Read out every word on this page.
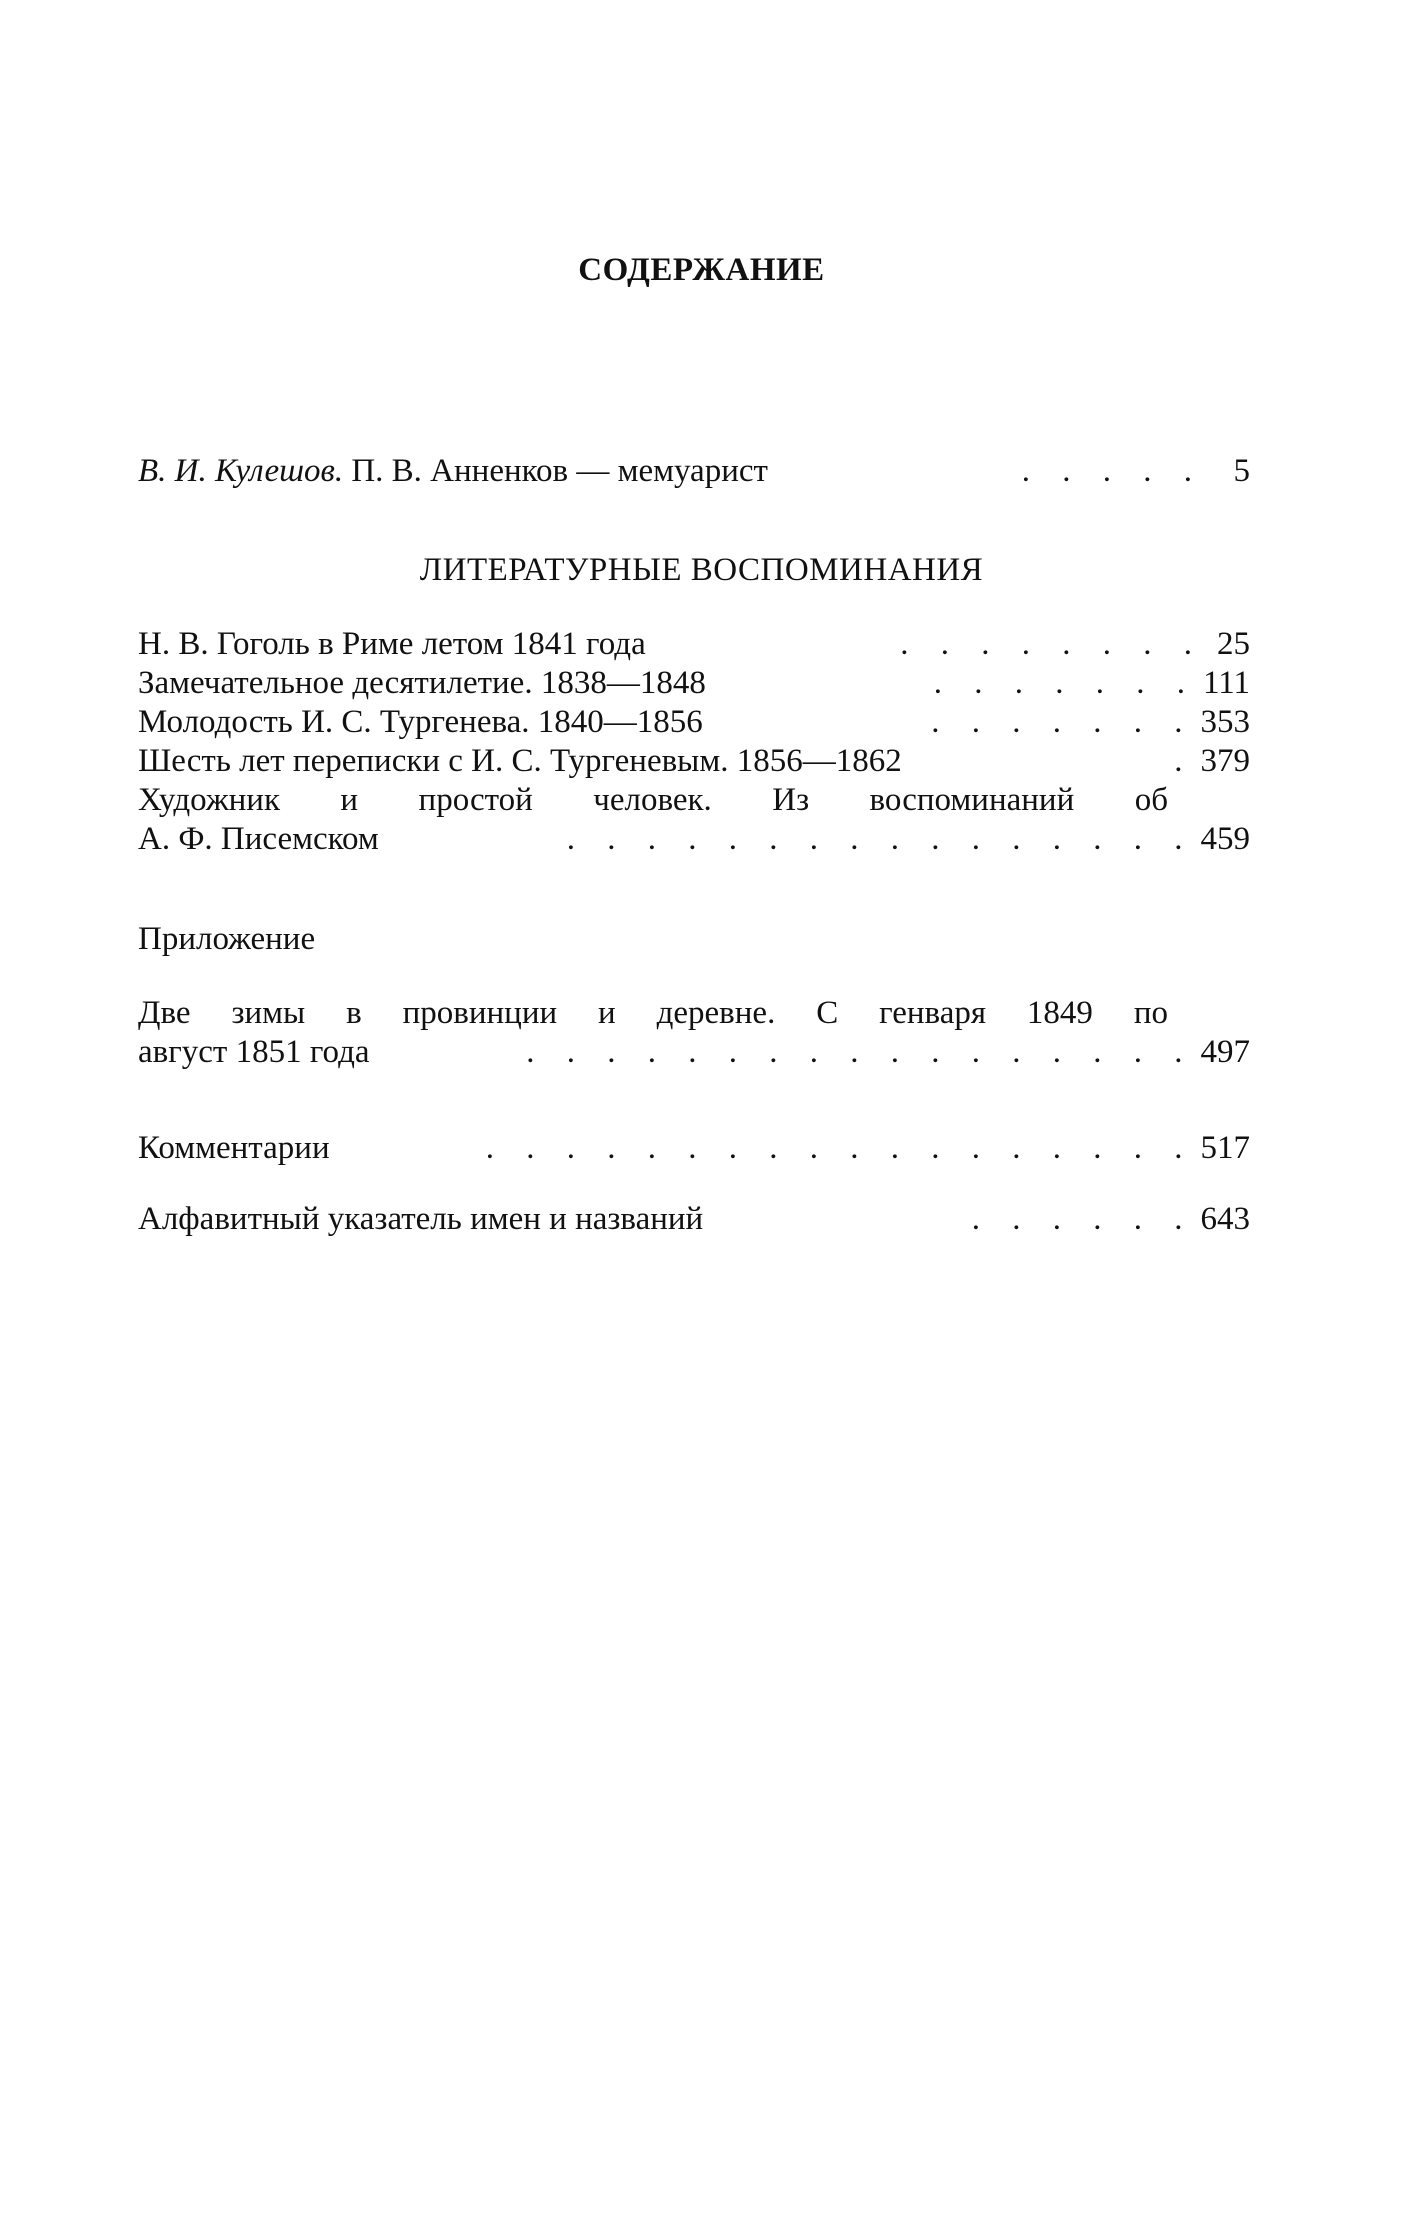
СОДЕРЖАНИЕ
В. И. Кулешов. П. В. Анненков — мемуарист	. . . . . 5
ЛИТЕРАТУРНЫЕ ВОСПОМИНАНИЯ
Н. В. Гоголь в Риме летом 1841 года	. . . . . . . . 25
Замечательное десятилетие. 1838—1848	. . . . . . . 111
Молодость И. С. Тургенева. 1840—1856	. . . . . . . 353
Шесть лет переписки с И. С. Тургеневым. 1856—1862	. 379
Художник и простой человек. Из воспоминаний об
А. Ф. Писемском	. . . . . . . . . . . . . . . . 459
Приложение
Две зимы в провинции и деревне. С генваря 1849 по
август 1851 года	. . . . . . . . . . . . . . . . . 497
Комментарии	. . . . . . . . . . . . . . . . . . 517
Алфавитный указатель имен и названий	. . . . . . 643
